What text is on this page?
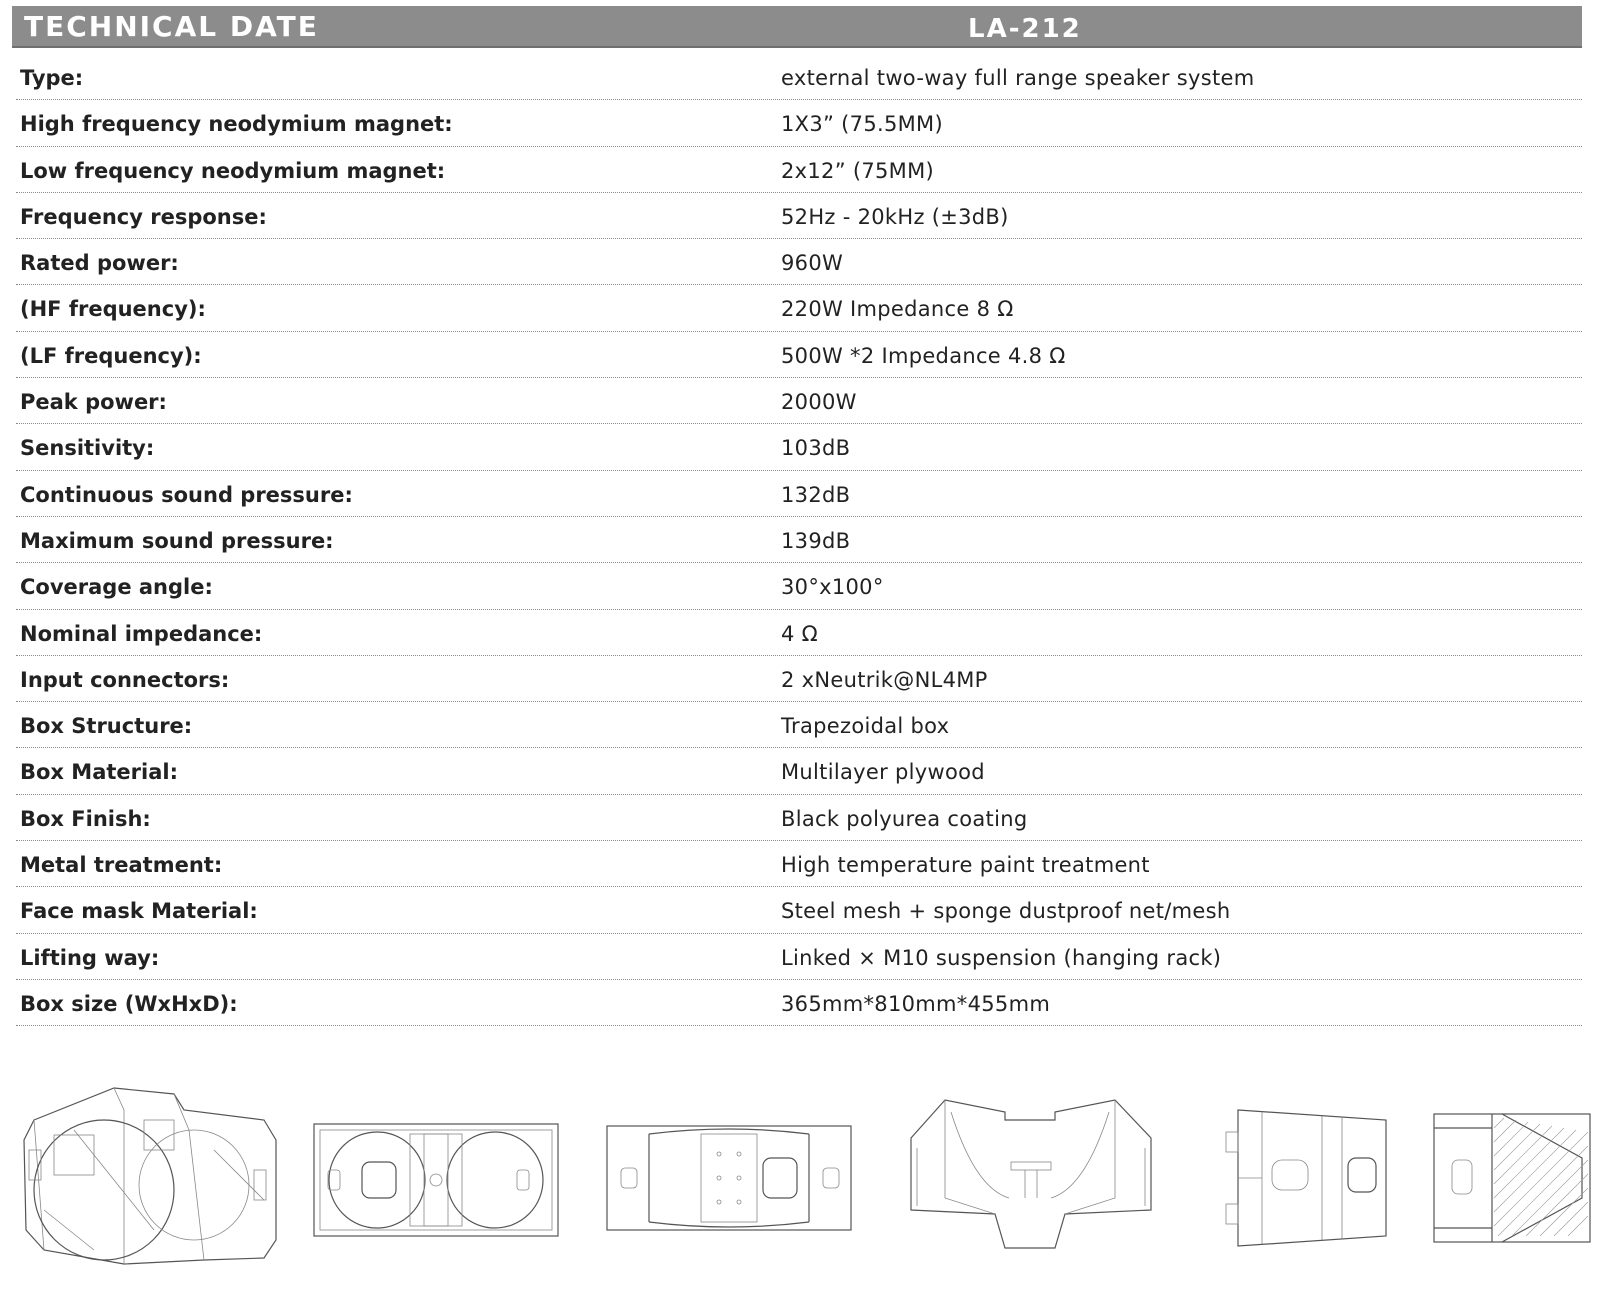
TECHNICAL DATE	LA-212
Type:	external two-way full range speaker system
High frequency neodymium magnet:	1X3” (75.5MM)
Low frequency neodymium magnet:	2x12” (75MM)
Frequency response:	52Hz - 20kHz (±3dB)
Rated power:	960W
(HF frequency):	220W Impedance 8 Ω
(LF frequency):	500W *2 Impedance 4.8 Ω
Peak power:	2000W
Sensitivity:	103dB
Continuous sound pressure:	132dB
Maximum sound pressure:	139dB
Coverage angle:	30°x100°
Nominal impedance:	4 Ω
Input connectors:	2 xNeutrik@NL4MP
Box Structure:	Trapezoidal box
Box Material:	Multilayer plywood
Box Finish:	Black polyurea coating
Metal treatment:	High temperature paint treatment
Face mask Material:	Steel mesh + sponge dustproof net/mesh
Lifting way:	Linked × M10 suspension (hanging rack)
Box size (WxHxD):	365mm*810mm*455mm
